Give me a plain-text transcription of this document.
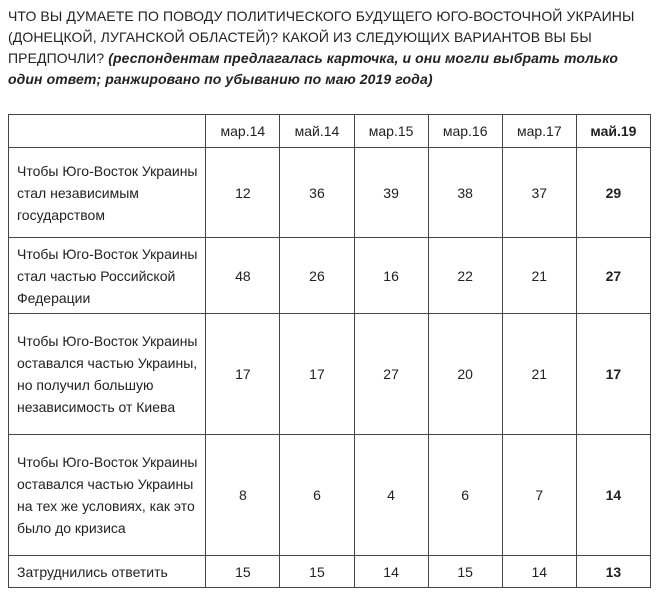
ЧТО ВЫ ДУМАЕТЕ ПО ПОВОДУ ПОЛИТИЧЕСКОГО БУДУЩЕГО ЮГО-ВОСТОЧНОЙ УКРАИНЫ (ДОНЕЦКОЙ, ЛУГАНСКОЙ ОБЛАСТЕЙ)? КАКОЙ ИЗ СЛЕДУЮЩИХ ВАРИАНТОВ ВЫ БЫ ПРЕДПОЧЛИ? (респондентам предлагалась карточка, и они могли выбрать только один ответ; ранжировано по убыванию по маю 2019 года)

	мар.14	май.14	мар.15	мар.16	мар.17	май.19
Чтобы Юго-Восток Украины стал независимым государством	12	36	39	38	37	29
Чтобы Юго-Восток Украины стал частью Российской Федерации	48	26	16	22	21	27
Чтобы Юго-Восток Украины оставался частью Украины, но получил большую независимость от Киева	17	17	27	20	21	17
Чтобы Юго-Восток Украины оставался частью Украины на тех же условиях, как это было до кризиса	8	6	4	6	7	14
Затруднились ответить	15	15	14	15	14	13
